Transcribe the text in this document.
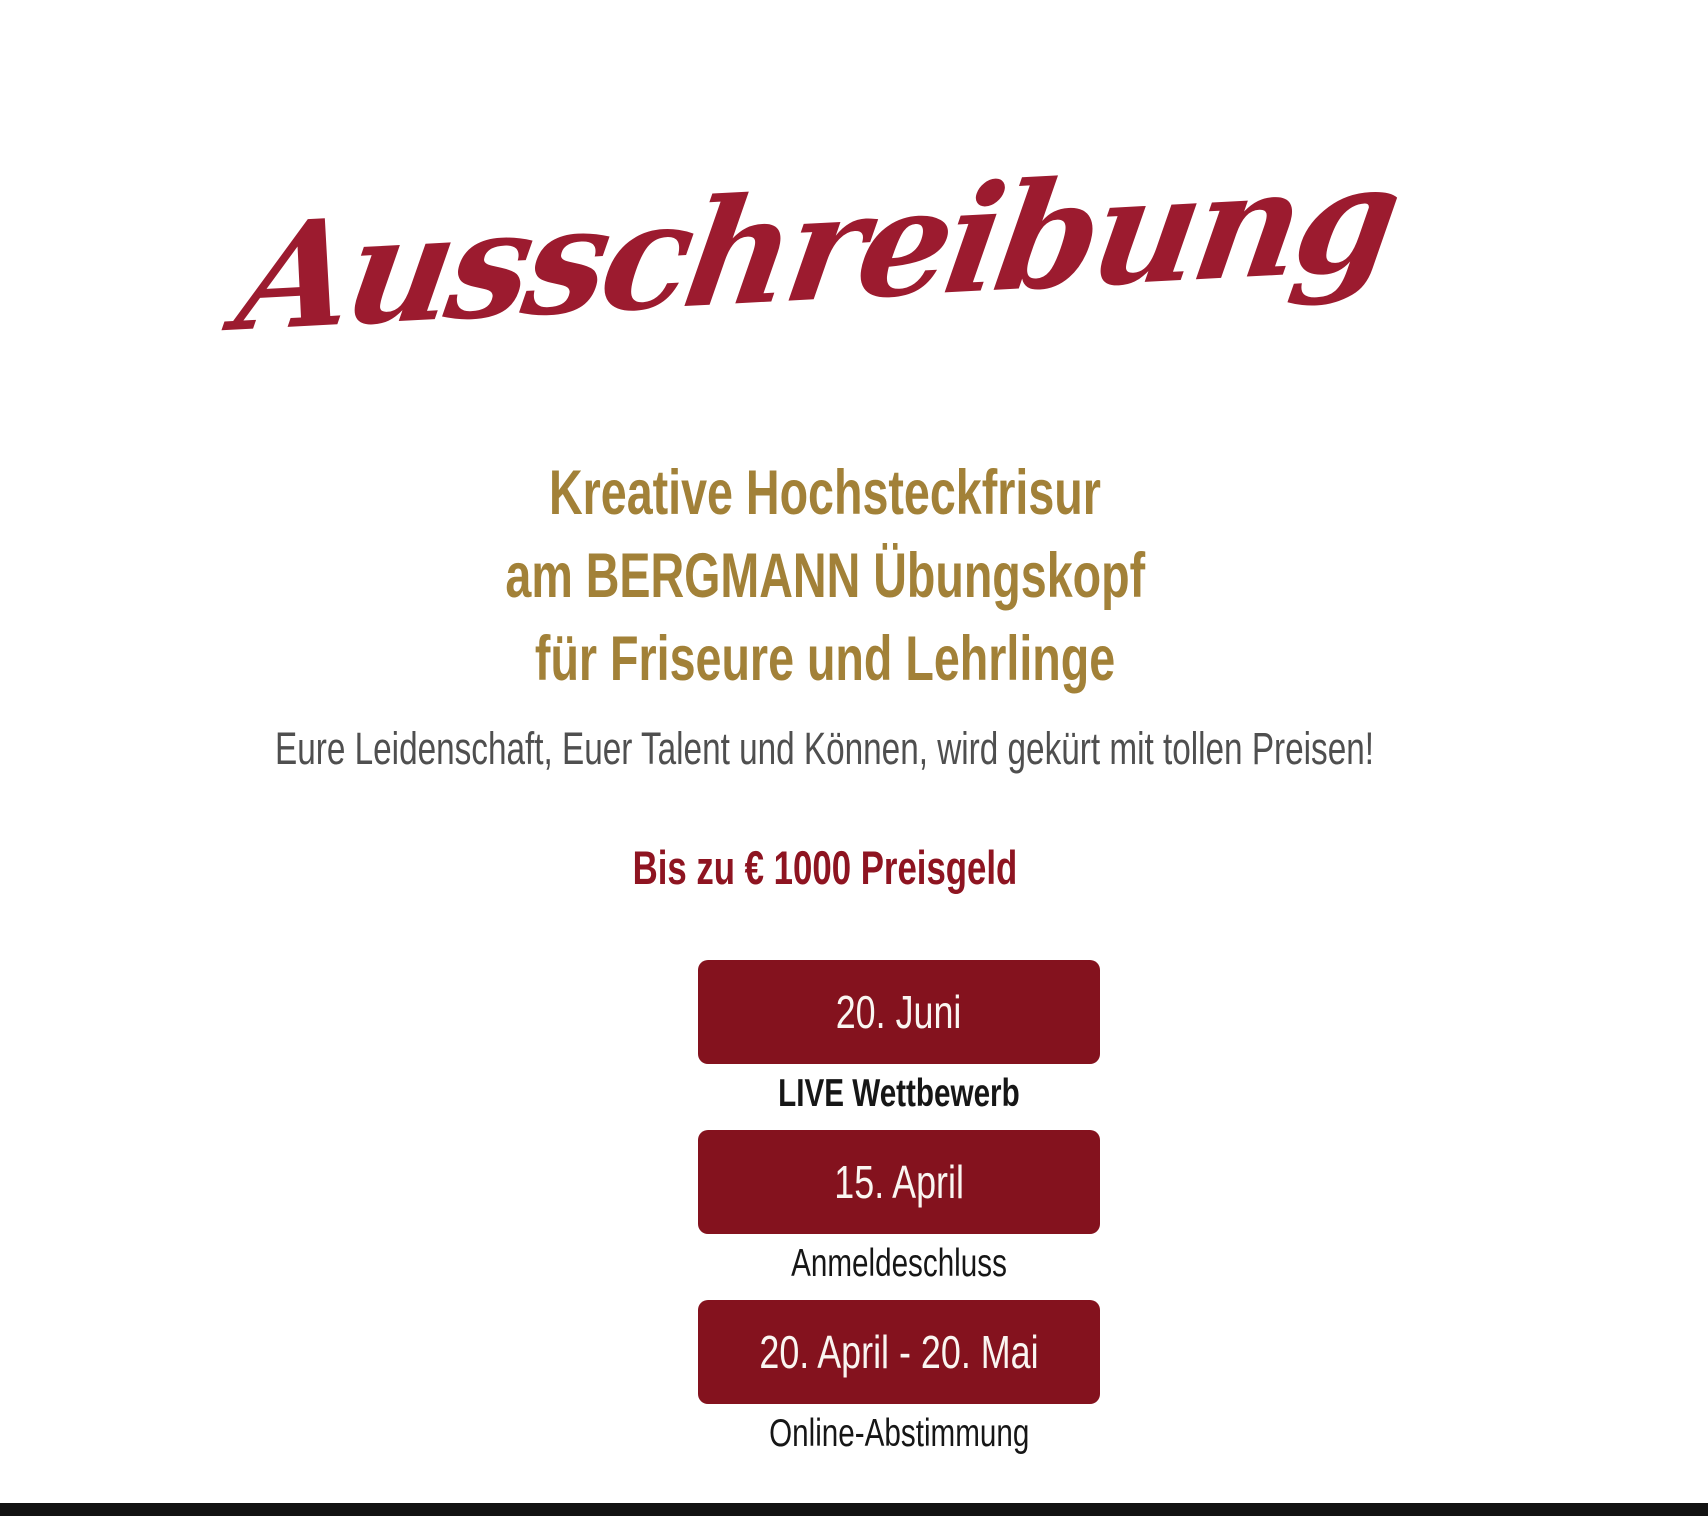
Ausschreibung
Kreative Hochsteckfrisur
am BERGMANN Übungskopf
für Friseure und Lehrlinge
Eure Leidenschaft, Euer Talent und Können, wird gekürt mit tollen Preisen!
Bis zu € 1000 Preisgeld
20. Juni
LIVE Wettbewerb
15. April
Anmeldeschluss
20. April - 20. Mai
Online-Abstimmung
